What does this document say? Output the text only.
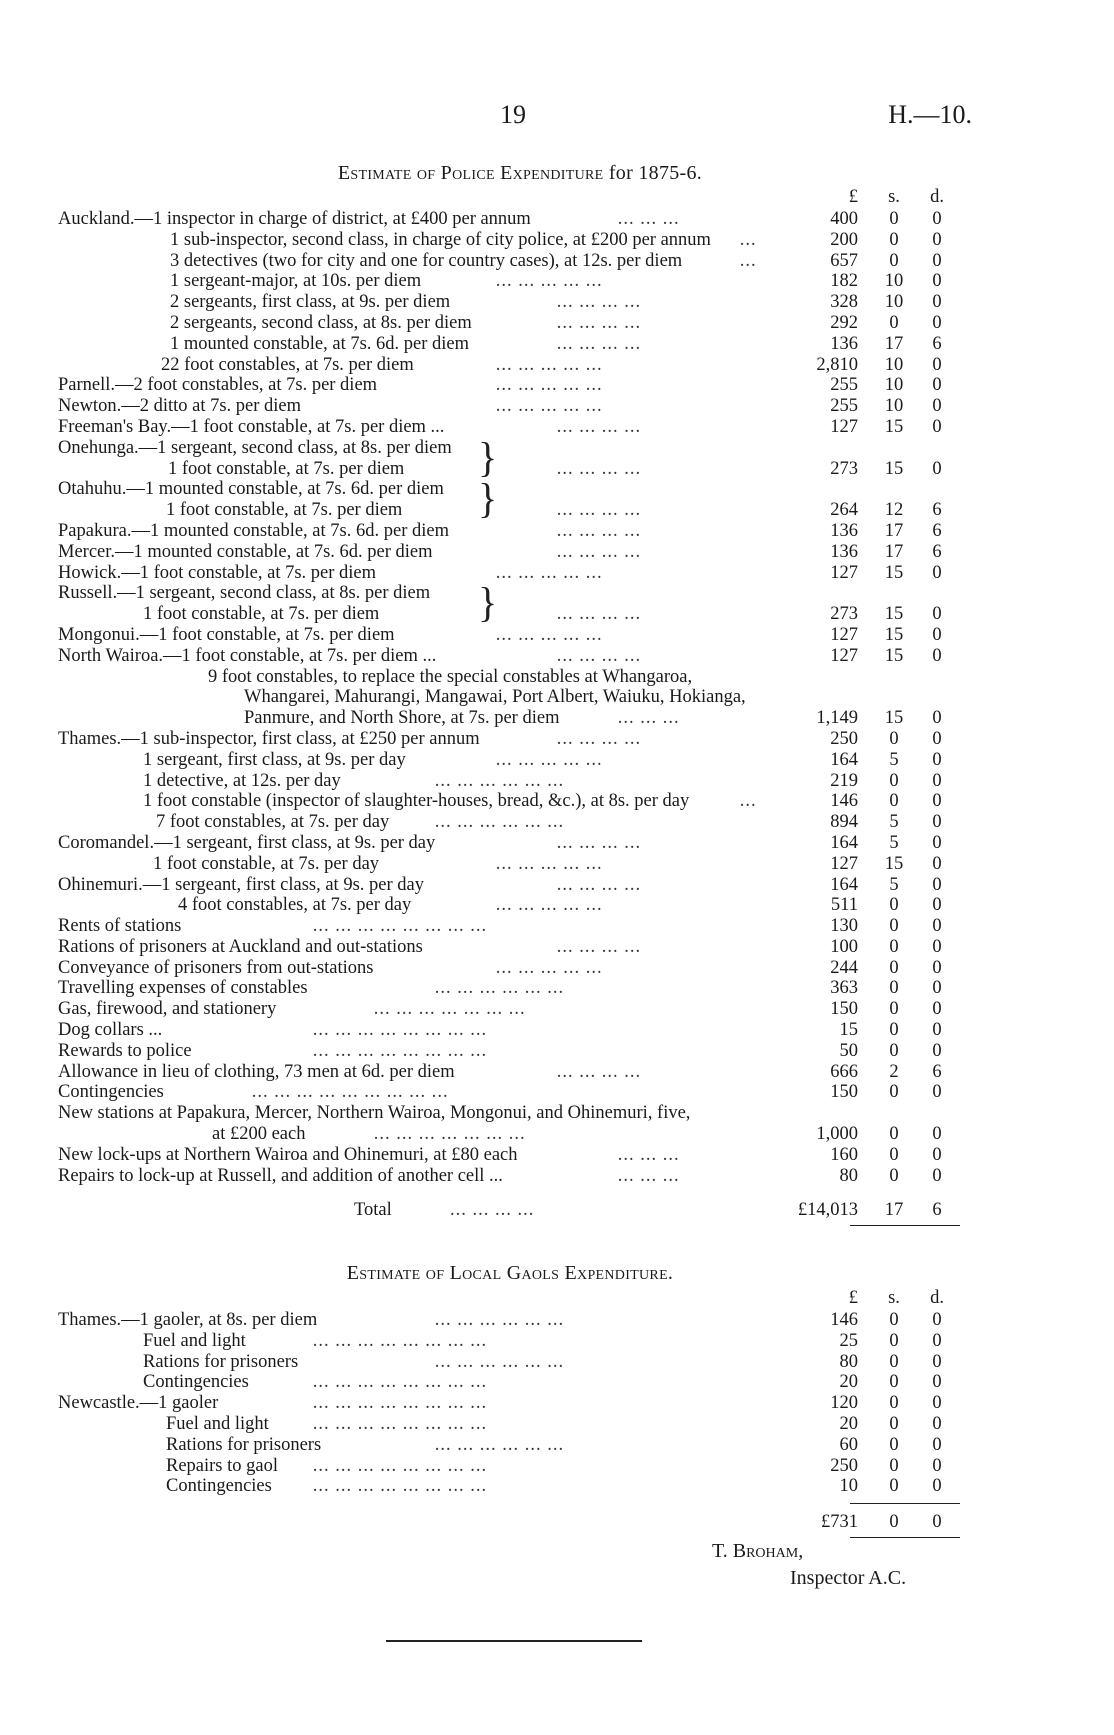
19	H.—10.
Estimate of Police Expenditure for 1875-6.
£	s.	d.
Auckland.—1 inspector in charge of district, at £400 per annum	... ... ...	400	0	0
1 sub-inspector, second class, in charge of city police, at £200 per annum ...	200	0	0
3 detectives (two for city and one for country cases), at 12s. per diem	...	657	0	0
1 sergeant-major, at 10s. per diem	... ... ... ... ...	182	10	0
2 sergeants, first class, at 9s. per diem	... ... ... ...	328	10	0
2 sergeants, second class, at 8s. per diem	... ... ... ...	292	0	0
1 mounted constable, at 7s. 6d. per diem	... ... ... ...	136	17	6
22 foot constables, at 7s. per diem	... ... ... ... ...	2,810	10	0
Parnell.—2 foot constables, at 7s. per diem	... ... ... ... ...	255	10	0
Newton.—2 ditto at 7s. per diem	... ... ... ... ...	255	10	0
Freeman's Bay.—1 foot constable, at 7s. per diem ...	... ... ... ...	127	15	0
Onehunga.—1 sergeant, second class, at 8s. per diem }
1 foot constable, at 7s. per diem	... ... ... ...	273	15	0
Otahuhu.—1 mounted constable, at 7s. 6d. per diem }
1 foot constable, at 7s. per diem	... ... ... ...	264	12	6
Papakura.—1 mounted constable, at 7s. 6d. per diem	... ... ... ...	136	17	6
Mercer.—1 mounted constable, at 7s. 6d. per diem	... ... ... ...	136	17	6
Howick.—1 foot constable, at 7s. per diem	... ... ... ... ...	127	15	0
Russell.—1 sergeant, second class, at 8s. per diem }
1 foot constable, at 7s. per diem	... ... ... ...	273	15	0
Mongonui.—1 foot constable, at 7s. per diem	... ... ... ... ...	127	15	0
North Wairoa.—1 foot constable, at 7s. per diem ...	... ... ... ...	127	15	0
9 foot constables, to replace the special constables at Whangaroa,
Whangarei, Mahurangi, Mangawai, Port Albert, Waiuku, Hokianga,
Panmure, and North Shore, at 7s. per diem	... ... ...	1,149	15	0
Thames.—1 sub-inspector, first class, at £250 per annum	... ... ... ...	250	0	0
1 sergeant, first class, at 9s. per day	... ... ... ... ...	164	5	0
1 detective, at 12s. per day	... ... ... ... ... ...	219	0	0
1 foot constable (inspector of slaughter-houses, bread, &c.), at 8s. per day	...	146	0	0
7 foot constables, at 7s. per day ... ... ... ... ... ...	894	5	0
Coromandel.—1 sergeant, first class, at 9s. per day	... ... ... ...	164	5	0
1 foot constable, at 7s. per day	... ... ... ... ...	127	15	0
Ohinemuri.—1 sergeant, first class, at 9s. per day	... ... ... ...	164	5	0
4 foot constables, at 7s. per day	... ... ... ... ...	511	0	0
Rents of stations	... ... ... ... ... ... ... ...	130	0	0
Rations of prisoners at Auckland and out-stations	... ... ... ...	100	0	0
Conveyance of prisoners from out-stations	... ... ... ... ...	244	0	0
Travelling expenses of constables	... ... ... ... ... ...	363	0	0
Gas, firewood, and stationery	... ... ... ... ... ... ...	150	0	0
Dog collars ...	... ... ... ... ... ... ... ...	15	0	0
Rewards to police	... ... ... ... ... ... ... ...	50	0	0
Allowance in lieu of clothing, 73 men at 6d. per diem	... ... ... ...	666	2	6
Contingencies	... ... ... ... ... ... ... ... ...	150	0	0
New stations at Papakura, Mercer, Northern Wairoa, Mongonui, and Ohinemuri, five,
at £200 each	... ... ... ... ... ... ...	1,000	0	0
New lock-ups at Northern Wairoa and Ohinemuri, at £80 each	... ... ...	160	0	0
Repairs to lock-up at Russell, and addition of another cell ...	... ... ...	80	0	0
Total	... ... ... ...	£14,013	17	6
Estimate of Local Gaols Expenditure.
£	s.	d.
Thames.—1 gaoler, at 8s. per diem	... ... ... ... ... ...	146	0	0
Fuel and light	... ... ... ... ... ... ... ...	25	0	0
Rations for prisoners	... ... ... ... ... ...	80	0	0
Contingencies	... ... ... ... ... ... ... ...	20	0	0
Newcastle.—1 gaoler	... ... ... ... ... ... ... ...	120	0	0
Fuel and light ... ... ... ... ... ... ... ...	20	0	0
Rations for prisoners	... ... ... ... ... ...	60	0	0
Repairs to gaol ... ... ... ... ... ... ... ...	250	0	0
Contingencies ... ... ... ... ... ... ... ...	10	0	0
£731	0	0
T. Broham,
Inspector A.C.
